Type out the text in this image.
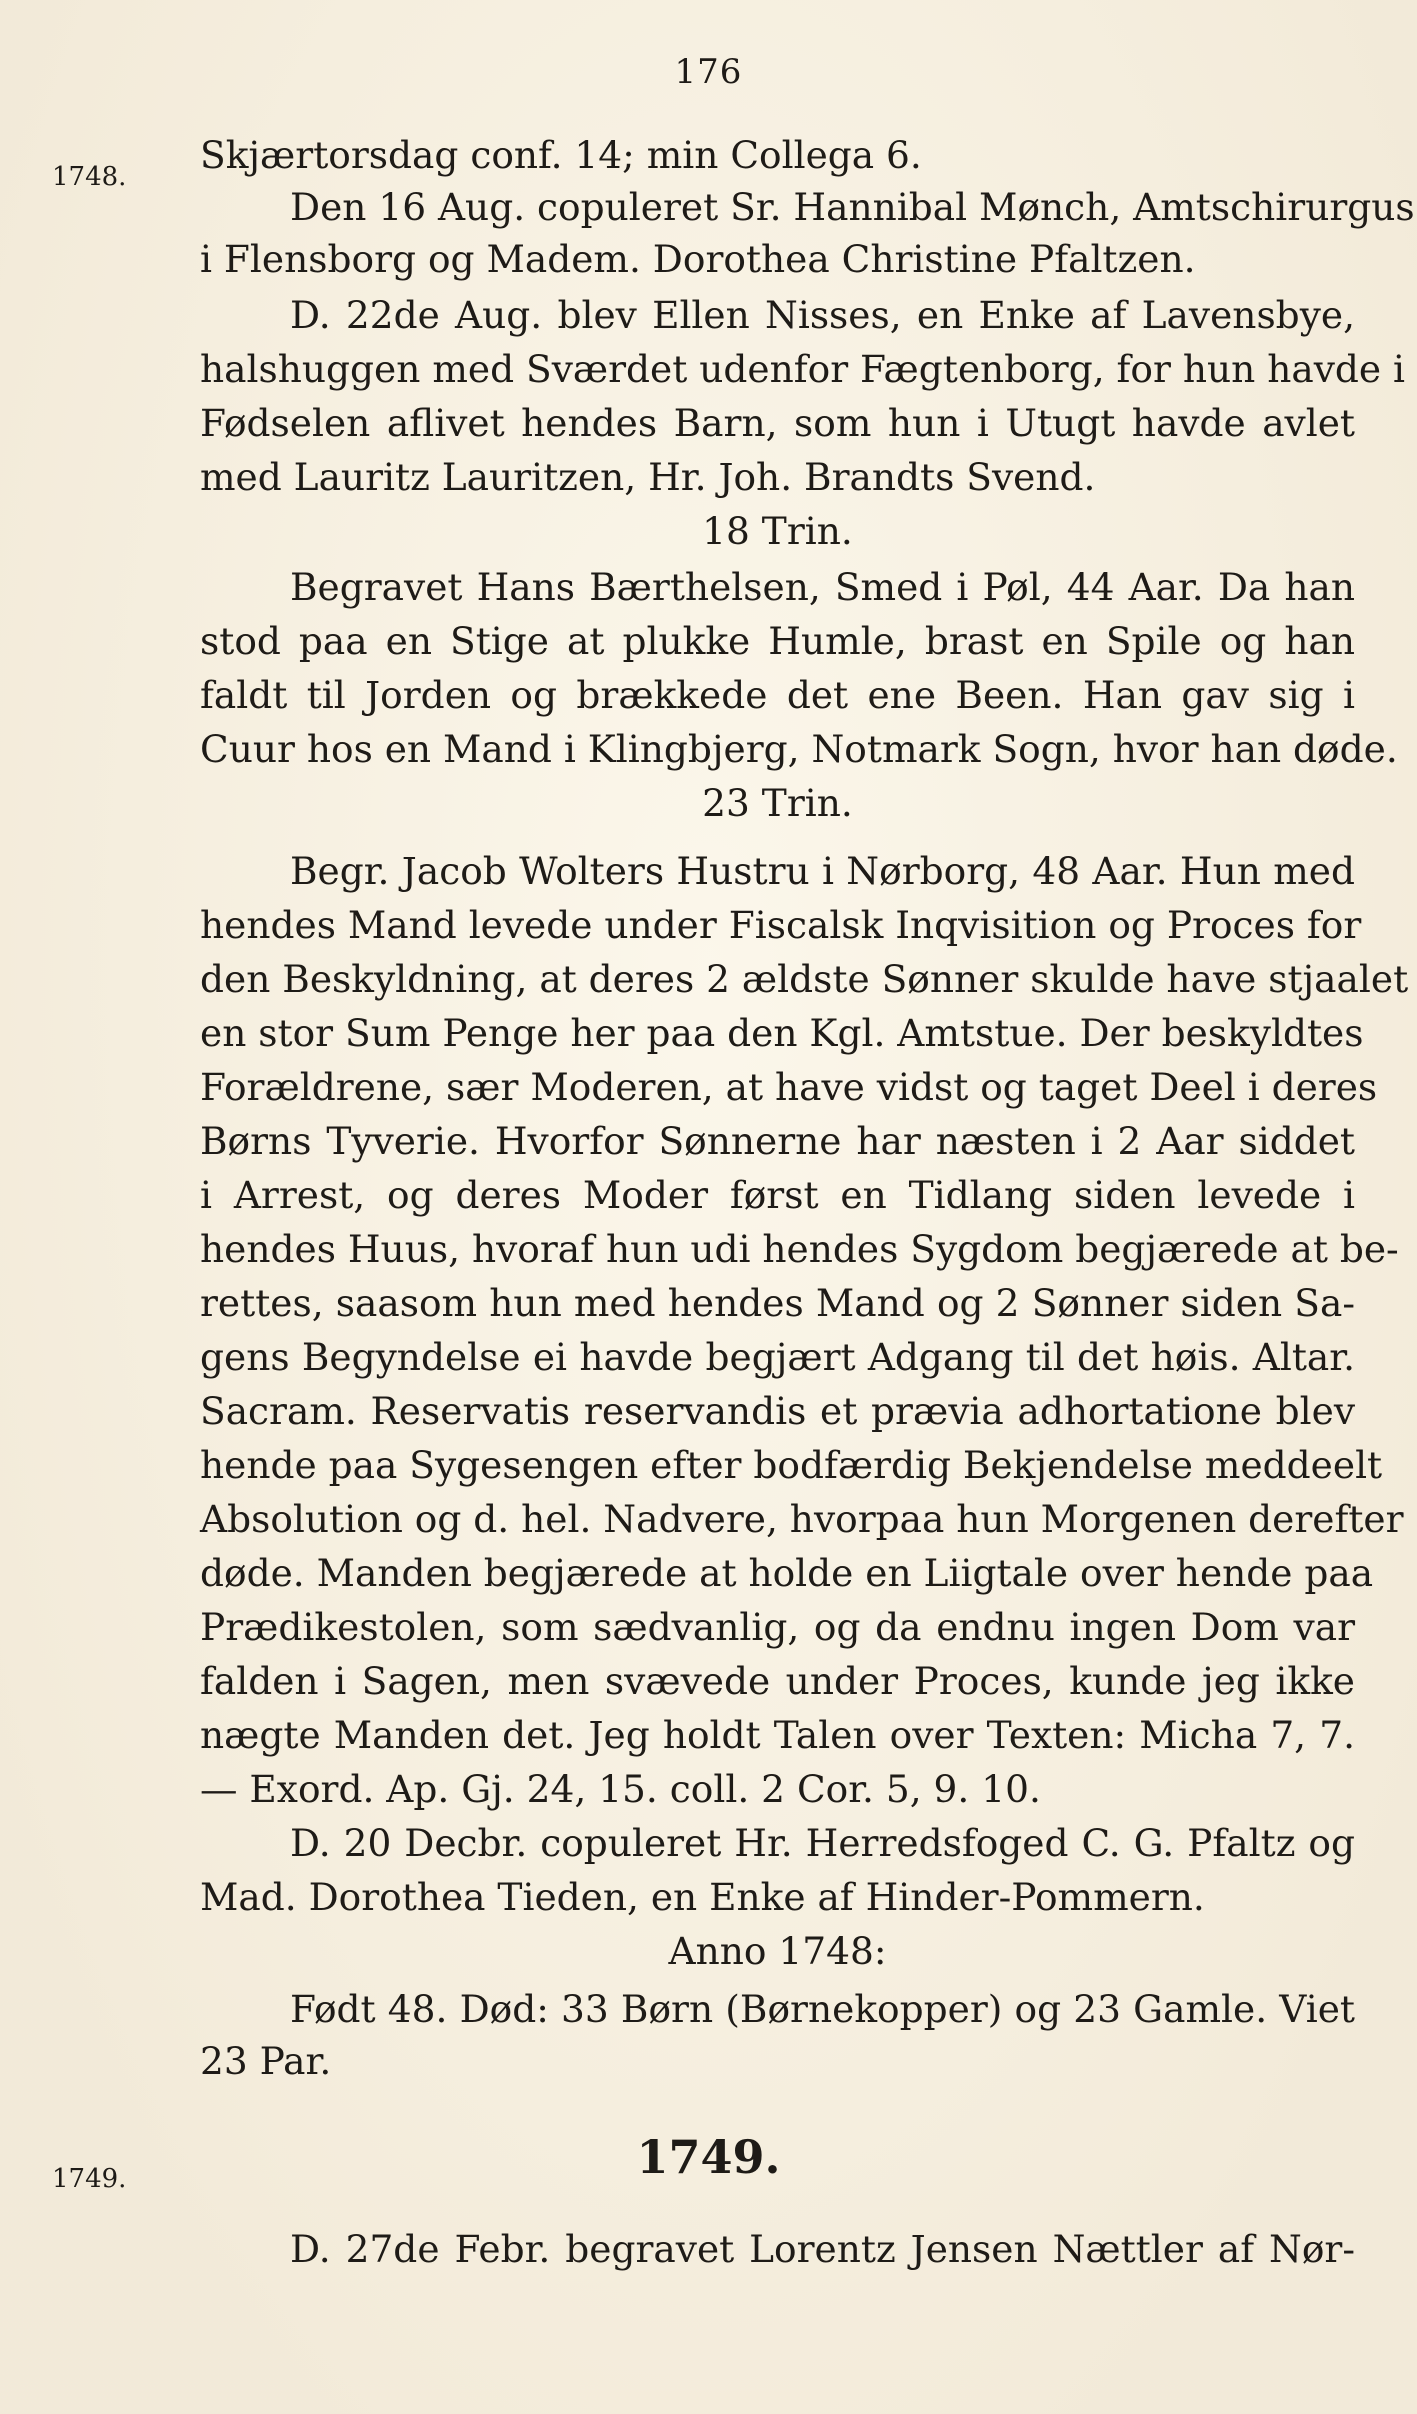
176
1748.
1749.	1749.
Skjærtorsdag conf. 14; min Collega 6.
Den 16 Aug. copuleret Sr. Hannibal Mønch, Amtschirurgus
i Flensborg og Madem. Dorothea Christine Pfaltzen.
D. 22de Aug. blev Ellen Nisses, en Enke af Lavensbye,
halshuggen med Sværdet udenfor Fægtenborg, for hun havde i
Fødselen aflivet hendes Barn, som hun i Utugt havde avlet
med Lauritz Lauritzen, Hr. Joh. Brandts Svend.
18 Trin.
Begravet Hans Bærthelsen, Smed i Pøl, 44 Aar. Da han
stod paa en Stige at plukke Humle, brast en Spile og han
faldt til Jorden og brækkede det ene Been. Han gav sig i
Cuur hos en Mand i Klingbjerg, Notmark Sogn, hvor han døde.
23 Trin.
Begr. Jacob Wolters Hustru i Nørborg, 48 Aar. Hun med
hendes Mand levede under Fiscalsk Inqvisition og Proces for
den Beskyldning, at deres 2 ældste Sønner skulde have stjaalet
en stor Sum Penge her paa den Kgl. Amtstue. Der beskyldtes
Forældrene, sær Moderen, at have vidst og taget Deel i deres
Børns Tyverie. Hvorfor Sønnerne har næsten i 2 Aar siddet
i Arrest, og deres Moder først en Tidlang siden levede i
hendes Huus, hvoraf hun udi hendes Sygdom begjærede at be-
rettes, saasom hun med hendes Mand og 2 Sønner siden Sa-
gens Begyndelse ei havde begjært Adgang til det høis. Altar.
Sacram. Reservatis reservandis et prævia adhortatione blev
hende paa Sygesengen efter bodfærdig Bekjendelse meddeelt
Absolution og d. hel. Nadvere, hvorpaa hun Morgenen derefter
døde. Manden begjærede at holde en Liigtale over hende paa
Prædikestolen, som sædvanlig, og da endnu ingen Dom var
falden i Sagen, men svævede under Proces, kunde jeg ikke
nægte Manden det. Jeg holdt Talen over Texten: Micha 7, 7.
— Exord. Ap. Gj. 24, 15. coll. 2 Cor. 5, 9. 10.
D. 20 Decbr. copuleret Hr. Herredsfoged C. G. Pfaltz og
Mad. Dorothea Tieden, en Enke af Hinder-Pommern.
Anno 1748:
Født 48. Død: 33 Børn (Børnekopper) og 23 Gamle. Viet
23 Par.
D. 27de Febr. begravet Lorentz Jensen Nættler af Nør-
